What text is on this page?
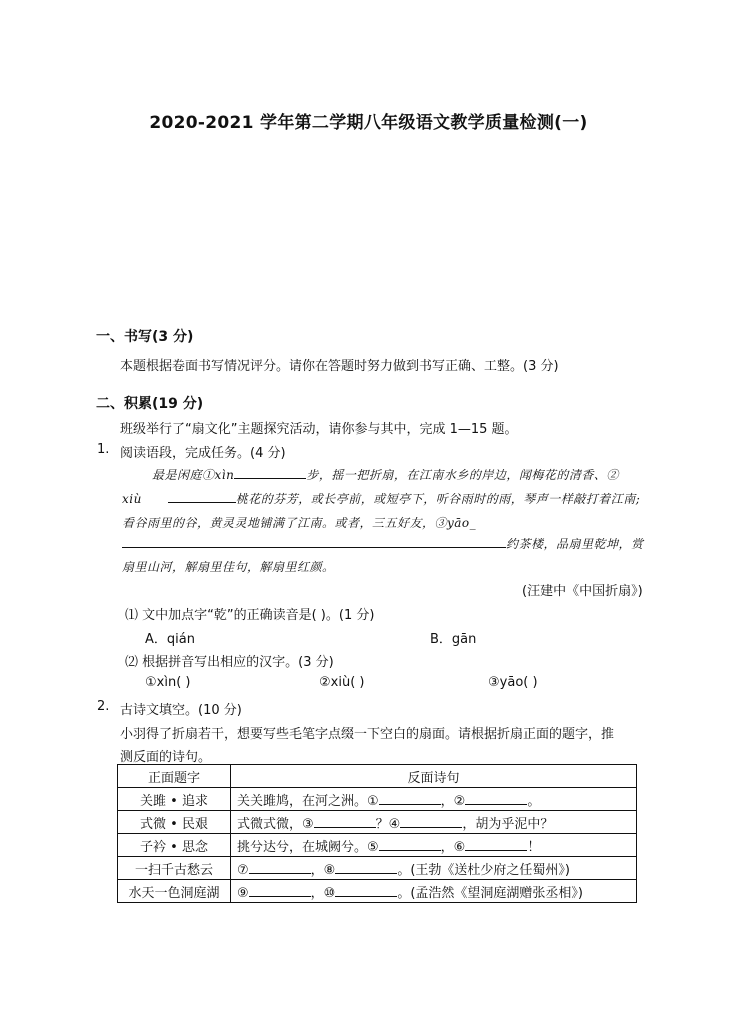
2020-2021 学年第二学期八年级语文教学质量检测(一)
一、书写(3 分)
本题根据卷面书写情况评分。请你在答题时努力做到书写正确、工整。(3 分)
二、积累(19 分)
班级举行了“扇文化”主题探究活动，请你参与其中，完成 1—15 题。
1. 阅读语段，完成任务。(4 分)
最是闲庭①xìn	步，摇一把折扇，在江南水乡的岸边，闻梅花的清香、②
xiù	桃花的芬芳，或长亭前，或短亭下，听谷雨时的雨，琴声一样敲打着江南;
看谷雨里的谷，黄灵灵地铺满了江南。或者，三五好友，③yāo_
约茶楼，品扇里乾坤，赏
扇里山河，解扇里佳句，解扇里红颜。
(汪建中《中国折扇》)
⑴ 文中加点字“乾”的正确读音是( )。(1 分)
A．qián	B．gān
⑵ 根据拼音写出相应的汉字。(3 分)
①xìn( )	②xiù( )	③yāo( )
2. 古诗文填空。(10 分)
小羽得了折扇若干，想要写些毛笔字点缀一下空白的扇面。请根据折扇正面的题字，推
测反面的诗句。
正面题字	反面诗句
关雎 • 追求	关关雎鸠，在河之洲。① ，② 。
式微 • 民艰	式微式微，③ ？④ ，胡为乎泥中？
子衿 • 思念	挑兮达兮，在城阙兮。⑤ ，⑥ ！
一扫千古愁云	⑦ ，⑧ 。(王勃《送杜少府之任蜀州》)
水天一色洞庭湖	⑨ ，⑩ 。(孟浩然《望洞庭湖赠张丞相》)
